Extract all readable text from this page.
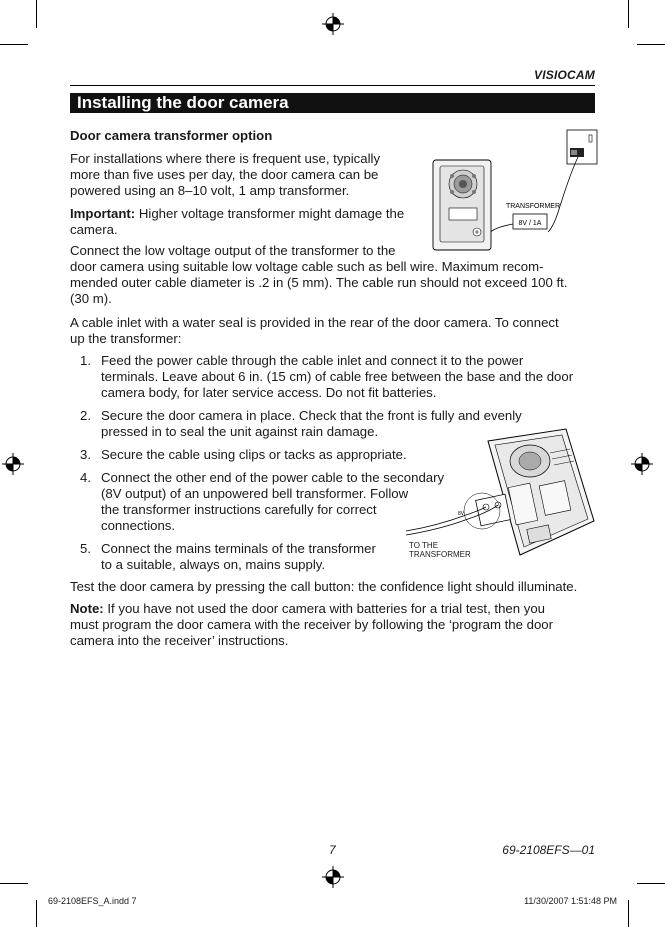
VISIOCAM
Installing the door camera
Door camera transformer option

For installations where there is frequent use, typically

more than five uses per day, the door camera can be

powered using an 8–10 volt, 1 amp transformer.

Important: Higher voltage transformer might damage the

camera.

Connect the low voltage output of the transformer to the

door camera using suitable low voltage cable such as bell wire. Maximum recom-

mended outer cable diameter is .2 in (5 mm). The cable run should not exceed 100 ft.

(30 m).

A cable inlet with a water seal is provided in the rear of the door camera. To connect

up the transformer:

1. Feed the power cable through the cable inlet and connect it to the power

terminals. Leave about 6 in. (15 cm) of cable free between the base and the door

camera body, for later service access. Do not fit batteries.

2. Secure the door camera in place. Check that the front is fully and evenly

pressed in to seal the unit against rain damage.

3. Secure the cable using clips or tacks as appropriate.

4. Connect the other end of the power cable to the secondary

(8V output) of an unpowered bell transformer. Follow

the transformer instructions carefully for correct

connections.

5. Connect the mains terminals of the transformer

to a suitable, always on, mains supply.

Test the door camera by pressing the call button: the confidence light should illuminate.

Note: If you have not used the door camera with batteries for a trial test, then you

must program the door camera with the receiver by following the ‘program the door

camera into the receiver’ instructions.

8V / 1A
TRANSFORMER
8V
TO THE
TRANSFORMER
7	69-2108EFS—01
69-2108EFS_A.indd 7	11/30/2007 1:51:48 PM
